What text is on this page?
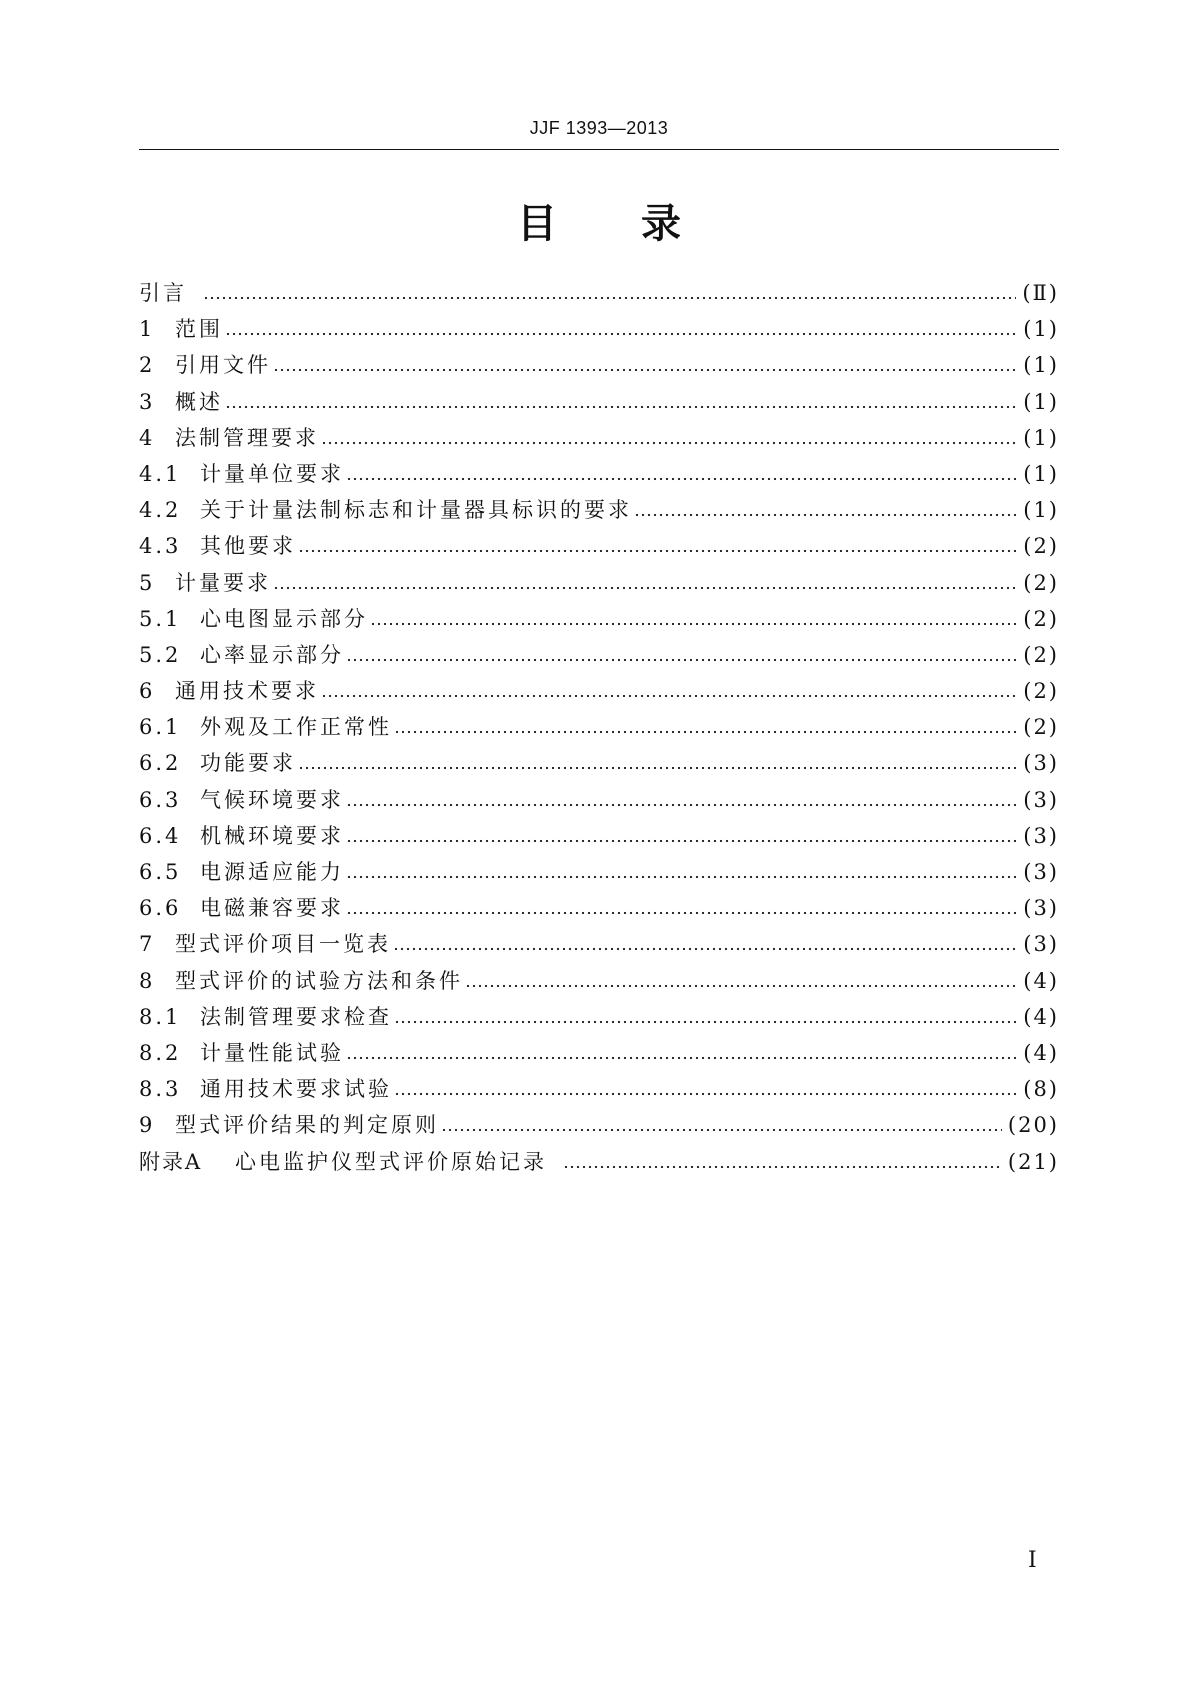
JJF 1393—2013
目 录
引言	(Ⅱ)
1 范围	(1)
2 引用文件	(1)
3 概述	(1)
4 法制管理要求	(1)
4.1 计量单位要求	(1)
4.2 关于计量法制标志和计量器具标识的要求	(1)
4.3 其他要求	(2)
5 计量要求	(2)
5.1 心电图显示部分	(2)
5.2 心率显示部分	(2)
6 通用技术要求	(2)
6.1 外观及工作正常性	(2)
6.2 功能要求	(3)
6.3 气候环境要求	(3)
6.4 机械环境要求	(3)
6.5 电源适应能力	(3)
6.6 电磁兼容要求	(3)
7 型式评价项目一览表	(3)
8 型式评价的试验方法和条件	(4)
8.1 法制管理要求检查	(4)
8.2 计量性能试验	(4)
8.3 通用技术要求试验	(8)
9 型式评价结果的判定原则	(20)
附录A	心电监护仪型式评价原始记录	(21)
Ⅰ
